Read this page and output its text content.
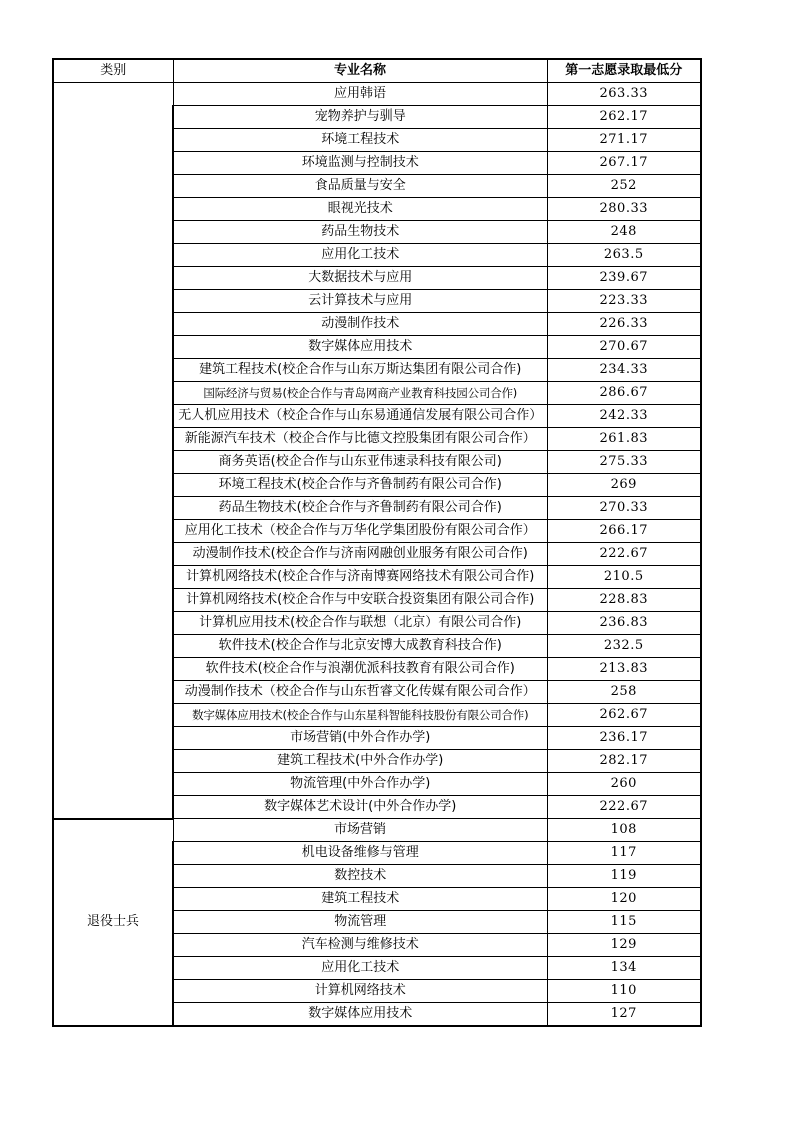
类别	专业名称	第一志愿录取最低分
	应用韩语	263.33
	宠物养护与驯导	262.17
	环境工程技术	271.17
	环境监测与控制技术	267.17
	食品质量与安全	252
	眼视光技术	280.33
	药品生物技术	248
	应用化工技术	263.5
	大数据技术与应用	239.67
	云计算技术与应用	223.33
	动漫制作技术	226.33
	数字媒体应用技术	270.67
	建筑工程技术(校企合作与山东万斯达集团有限公司合作)	234.33
	国际经济与贸易(校企合作与青岛网商产业教育科技园公司合作)	286.67
	无人机应用技术（校企合作与山东易通通信发展有限公司合作）	242.33
	新能源汽车技术（校企合作与比德文控股集团有限公司合作）	261.83
	商务英语(校企合作与山东亚伟速录科技有限公司)	275.33
	环境工程技术(校企合作与齐鲁制药有限公司合作)	269
	药品生物技术(校企合作与齐鲁制药有限公司合作)	270.33
	应用化工技术（校企合作与万华化学集团股份有限公司合作）	266.17
	动漫制作技术(校企合作与济南网融创业服务有限公司合作)	222.67
	计算机网络技术(校企合作与济南博赛网络技术有限公司合作)	210.5
	计算机网络技术(校企合作与中安联合投资集团有限公司合作)	228.83
	计算机应用技术(校企合作与联想（北京）有限公司合作)	236.83
	软件技术(校企合作与北京安博大成教育科技合作)	232.5
	软件技术(校企合作与浪潮优派科技教育有限公司合作)	213.83
	动漫制作技术（校企合作与山东哲睿文化传媒有限公司合作）	258
	数字媒体应用技术(校企合作与山东星科智能科技股份有限公司合作)	262.67
	市场营销(中外合作办学)	236.17
	建筑工程技术(中外合作办学)	282.17
	物流管理(中外合作办学)	260
	数字媒体艺术设计(中外合作办学)	222.67
退役士兵	市场营销	108
	机电设备维修与管理	117
	数控技术	119
	建筑工程技术	120
	物流管理	115
	汽车检测与维修技术	129
	应用化工技术	134
	计算机网络技术	110
	数字媒体应用技术	127
